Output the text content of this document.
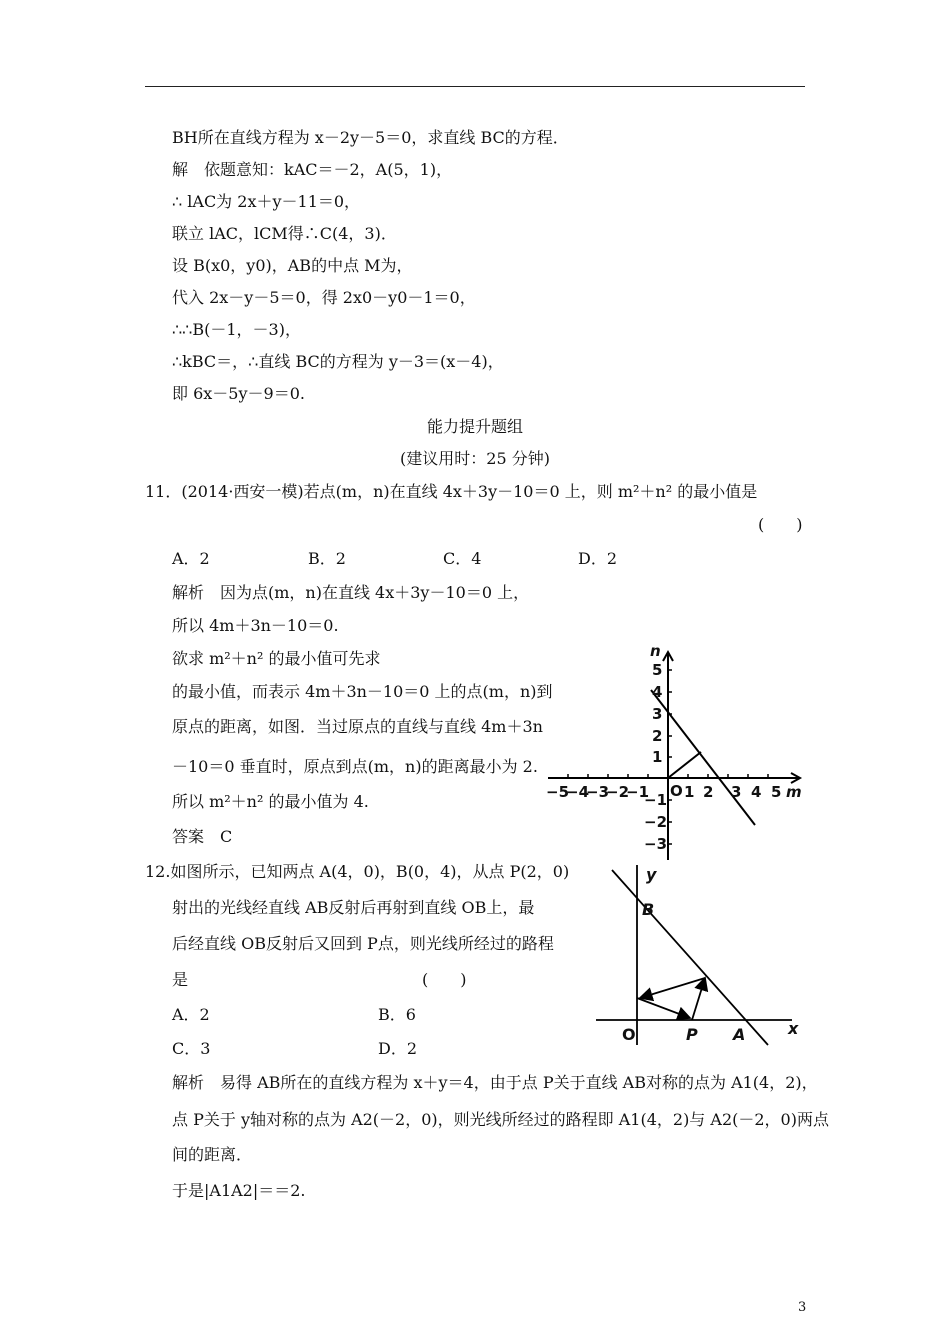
BH所在直线方程为 x－2y－5＝0，求直线 BC的方程．
解　依题意知：kAC＝－2，A(5，1)，
∴ lAC为 2x＋y－11＝0，
联立 lAC，lCM得∴C(4，3)．
设 B(x0，y0)，AB的中点 M为，
代入 2x－y－5＝0，得 2x0－y0－1＝0，
∴∴B(－1，－3)，
∴kBC＝，∴直线 BC的方程为 y－3＝(x－4)，
即 6x－5y－9＝0.
能力提升题组
(建议用时：25 分钟)
11．(2014·西安一模)若点(m，n)在直线 4x＋3y－10＝0 上，则 m²＋n² 的最小值是
(　　)
A．2	B．2	C．4	D．2
解析　因为点(m，n)在直线 4x＋3y－10＝0 上，
所以 4m＋3n－10＝0.
欲求 m²＋n² 的最小值可先求
的最小值，而表示 4m＋3n－10＝0 上的点(m，n)到
原点的距离，如图．当过原点的直线与直线 4m＋3n
－10＝0 垂直时，原点到点(m，n)的距离最小为 2.
所以 m²＋n² 的最小值为 4.
答案　C
−5
−4
−3
−2
−1 O 1 2 3 4 5 m
5
4
3
2
1
−1
−2
−3
n
12.如图所示，已知两点 A(4，0)，B(0，4)，从点 P(2，0)
射出的光线经直线 AB反射后再射到直线 OB上，最
后经直线 OB反射后又回到 P点，则光线所经过的路程
是	(　　)
A．2	B．6
C．3	D．2
y
B
O	P A	x
解析　易得 AB所在的直线方程为 x＋y＝4，由于点 P关于直线 AB对称的点为 A1(4，2)，
点 P关于 y轴对称的点为 A2(－2，0)，则光线所经过的路程即 A1(4，2)与 A2(－2，0)两点
间的距离．
于是|A1A2|＝＝2.
3
